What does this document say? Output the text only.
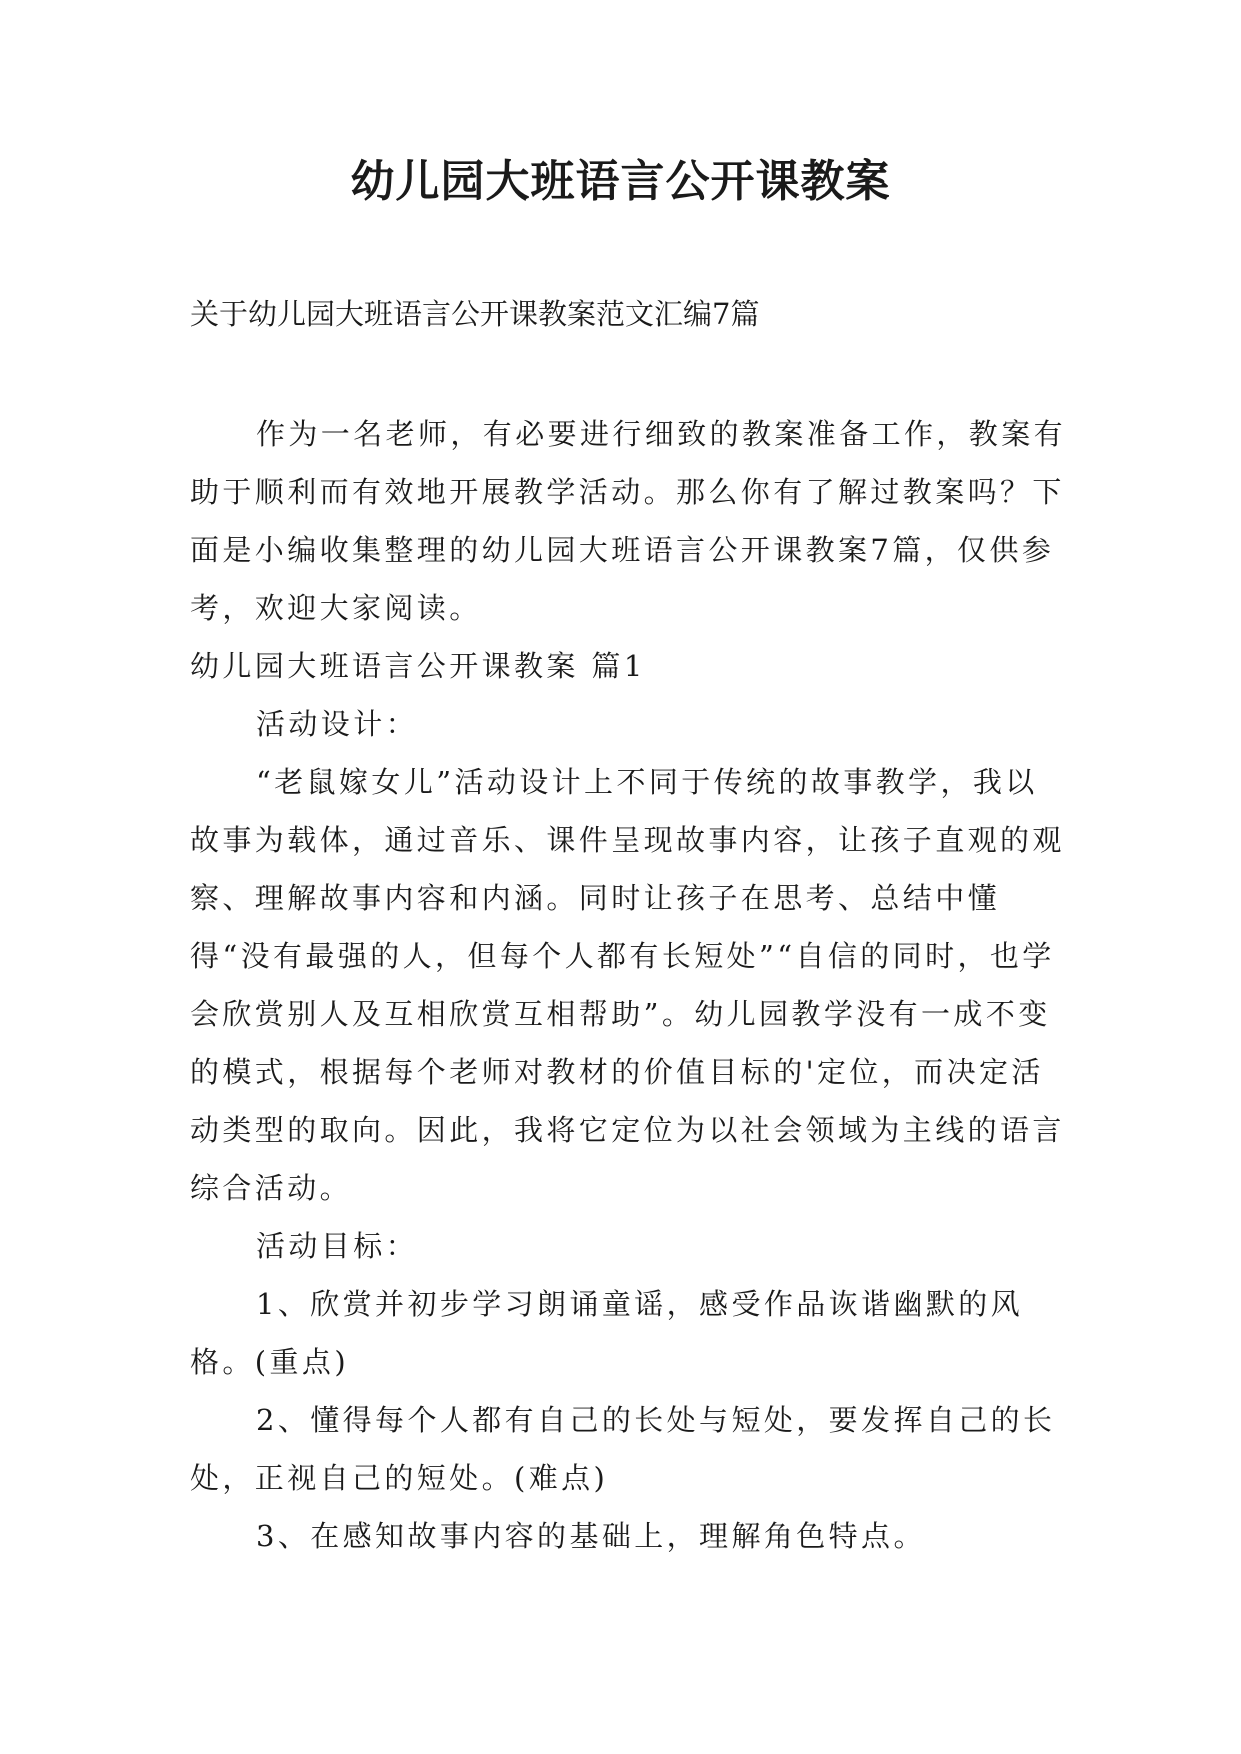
幼儿园大班语言公开课教案

关于幼儿园大班语言公开课教案范文汇编7篇

作为一名老师，有必要进行细致的教案准备工作，教案有助于顺利而有效地开展教学活动。那么你有了解过教案吗？下面是小编收集整理的幼儿园大班语言公开课教案7篇，仅供参考，欢迎大家阅读。

幼儿园大班语言公开课教案 篇1

活动设计：

“老鼠嫁女儿”活动设计上不同于传统的故事教学，我以故事为载体，通过音乐、课件呈现故事内容，让孩子直观的观察、理解故事内容和内涵。同时让孩子在思考、总结中懂得“没有最强的人，但每个人都有长短处”“自信的同时，也学会欣赏别人及互相欣赏互相帮助”。幼儿园教学没有一成不变的模式，根据每个老师对教材的价值目标的'定位，而决定活动类型的取向。因此，我将它定位为以社会领域为主线的语言综合活动。

活动目标：

1、欣赏并初步学习朗诵童谣，感受作品诙谐幽默的风格。(重点)

2、懂得每个人都有自己的长处与短处，要发挥自己的长处，正视自己的短处。(难点)

3、在感知故事内容的基础上，理解角色特点。
